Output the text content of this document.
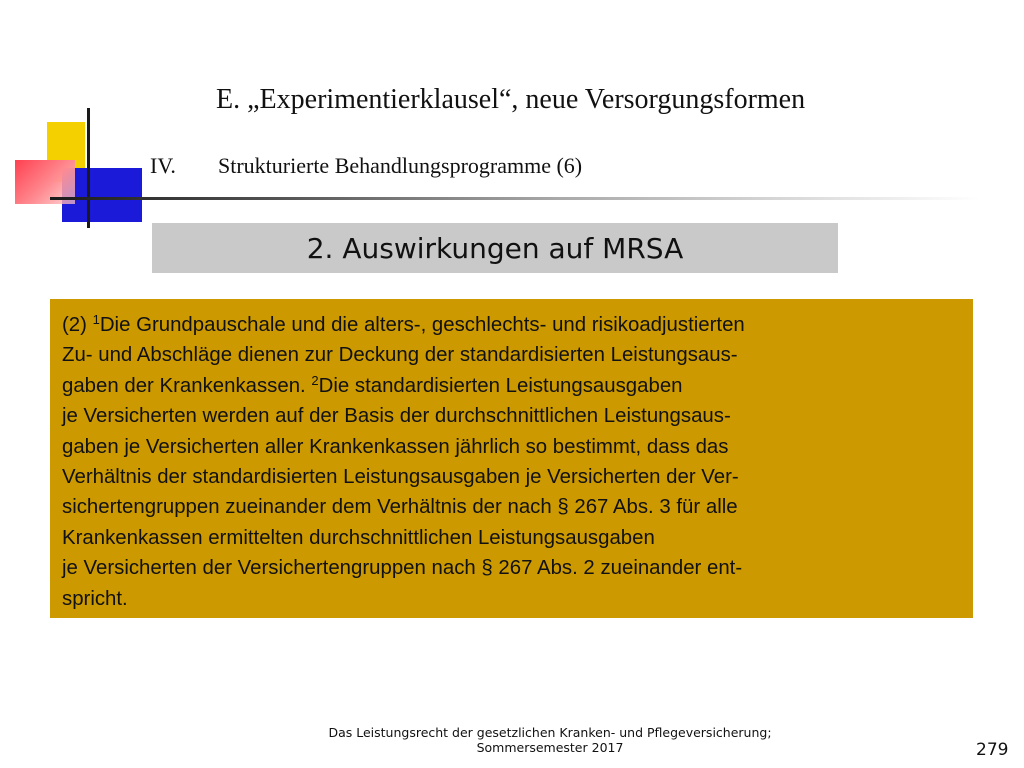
E. „Experimentierklausel“, neue Versorgungsformen
IV. Strukturierte Behandlungsprogramme (6)
2. Auswirkungen auf MRSA
(2) $^1$Die Grundpauschale und die alters-, geschlechts- und risikoadjustierten
Zu- und Abschläge dienen zur Deckung der standardisierten Leistungsaus-
gaben der Krankenkassen. $^2$Die standardisierten Leistungsausgaben
je Versicherten werden auf der Basis der durchschnittlichen Leistungsaus-
gaben je Versicherten aller Krankenkassen jährlich so bestimmt, dass das
Verhältnis der standardisierten Leistungsausgaben je Versicherten der Ver-
sichertengruppen zueinander dem Verhältnis der nach § 267 Abs. 3 für alle
Krankenkassen ermittelten durchschnittlichen Leistungsausgaben
je Versicherten der Versichertengruppen nach § 267 Abs. 2 zueinander ent-
spricht.
Das Leistungsrecht der gesetzlichen Kranken- und Pflegeversicherung;
Sommersemester 2017	279
